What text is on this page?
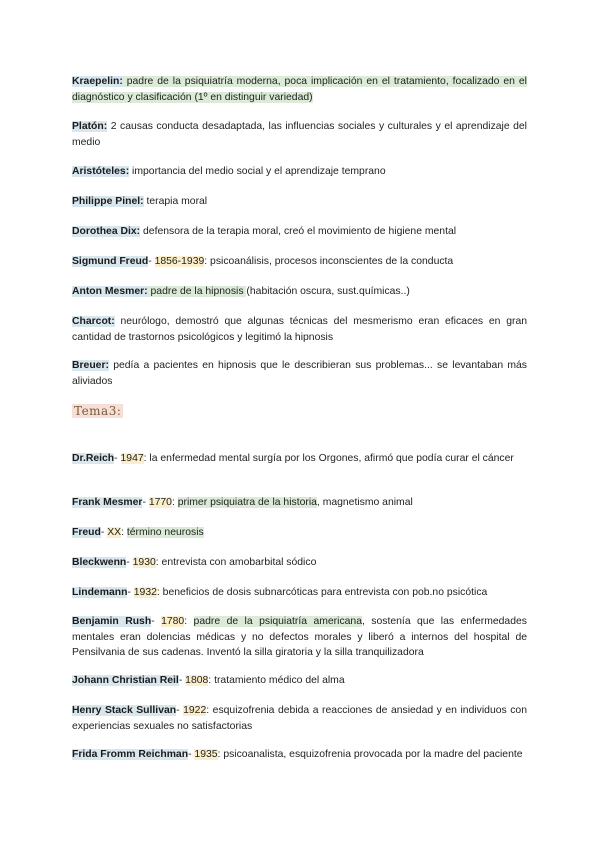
Kraepelin: padre de la psiquiatría moderna, poca implicación en el tratamiento, focalizado en el diagnóstico y clasificación (1º en distinguir variedad)

Platón: 2 causas conducta desadaptada, las influencias sociales y culturales y el aprendizaje del medio

Aristóteles: importancia del medio social y el aprendizaje temprano

Philippe Pinel: terapia moral

Dorothea Dix: defensora de la terapia moral, creó el movimiento de higiene mental

Sigmund Freud- 1856-1939: psicoanálisis, procesos inconscientes de la conducta

Anton Mesmer: padre de la hipnosis (habitación oscura, sust.químicas..)

Charcot: neurólogo, demostró que algunas técnicas del mesmerismo eran eficaces en gran cantidad de trastornos psicológicos y legitimó la hipnosis

Breuer: pedía a pacientes en hipnosis que le describieran sus problemas... se levantaban más aliviados

Tema3:

Dr.Reich- 1947: la enfermedad mental surgía por los Orgones, afirmó que podía curar el cáncer

Frank Mesmer- 1770: primer psiquiatra de la historia, magnetismo animal

Freud- XX: término neurosis

Bleckwenn- 1930: entrevista con amobarbital sódico

Lindemann- 1932: beneficios de dosis subnarcóticas para entrevista con pob.no psicótica

Benjamin Rush- 1780: padre de la psiquiatría americana, sostenía que las enfermedades mentales eran dolencias médicas y no defectos morales y liberó a internos del hospital de Pensilvania de sus cadenas. Inventó la silla giratoria y la silla tranquilizadora

Johann Christian Reil- 1808: tratamiento médico del alma

Henry Stack Sullivan- 1922: esquizofrenia debida a reacciones de ansiedad y en individuos con experiencias sexuales no satisfactorias

Frida Fromm Reichman- 1935: psicoanalista, esquizofrenia provocada por la madre del paciente
